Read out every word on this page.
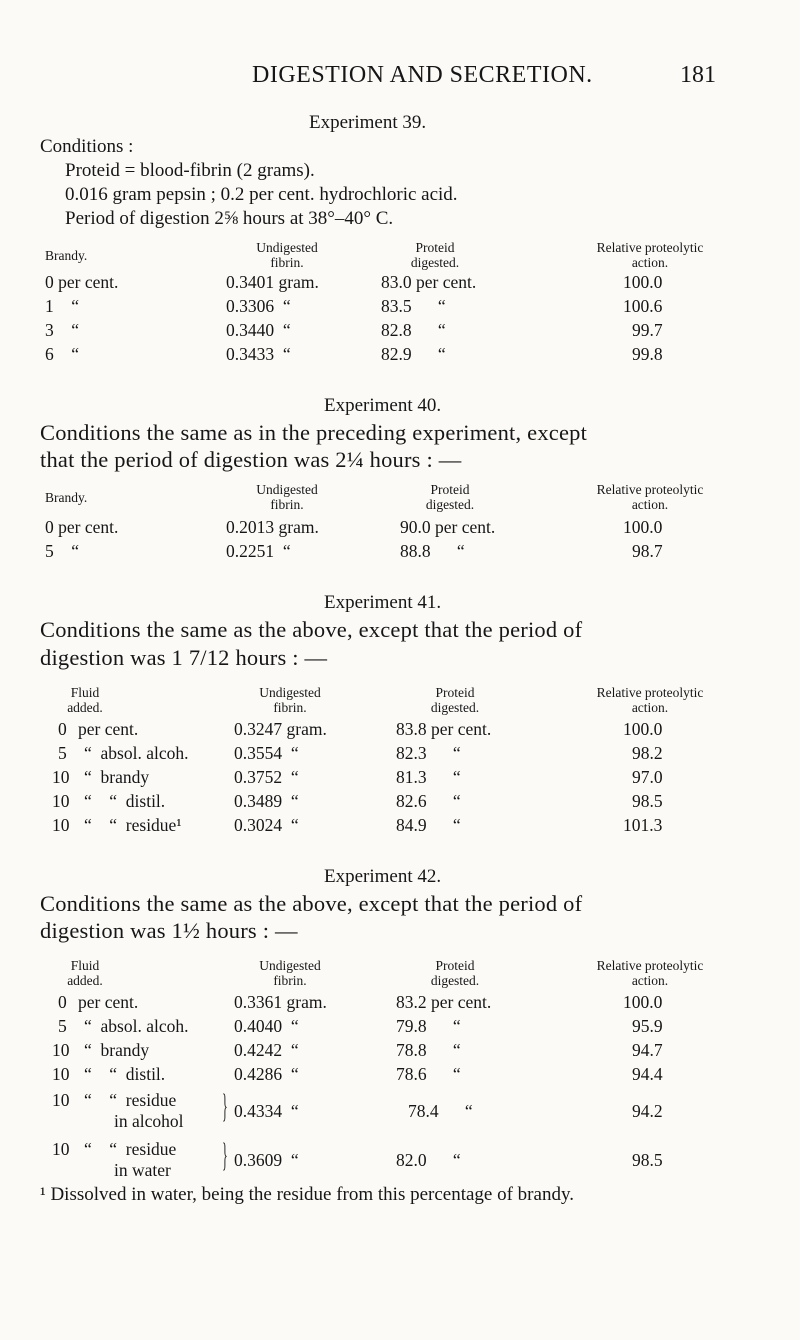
DIGESTION AND SECRETION.

	181

Experiment 39.
Conditions :
Proteid = blood-fibrin (2 grams).
0.016 gram pepsin ; 0.2 per cent. hydrochloric acid.
Period of digestion 2⅝ hours at 38°–40° C.
Brandy.
Undigested
fibrin.
Proteid
digested.
Relative proteolytic
action.
0 per cent.	0.3401 gram.	83.0 per cent.	100.0
1    “	0.3306  “	83.5      “	100.6
3    “	0.3440  “	82.8      “	99.7
6    “	0.3433  “	82.9      “	99.8
Experiment 40.
Conditions the same as in the preceding experiment, except
that the period of digestion was 2¼ hours : —
Brandy.
Undigested
fibrin.
Proteid
digested.
Relative proteolytic
action.
0 per cent.	0.2013 gram.	90.0 per cent.	100.0
5    “	0.2251  “	88.8      “	98.7
Experiment 41.
Conditions the same as the above, except that the period of
digestion was 1 7/12 hours : —
Fluid
added.
Undigested
fibrin.
Proteid
digested.
Relative proteolytic
action.
0 per cent.	0.3247 gram.	83.8 per cent.	100.0
5 “  absol. alcoh.	0.3554  “	82.3      “	98.2
10 “  brandy	0.3752  “	81.3      “	97.0
10 “    “  distil.	0.3489  “	82.6      “	98.5
10 “    “  residue¹	0.3024  “	84.9      “	101.3
Experiment 42.
Conditions the same as the above, except that the period of
digestion was 1½ hours : —
Fluid
added.
Undigested
fibrin.
Proteid
digested.
Relative proteolytic
action.
0 per cent.	0.3361 gram.	83.2 per cent.	100.0
5 “  absol. alcoh.	0.4040  “	79.8      “	95.9
10 “  brandy	0.4242  “	78.8      “	94.7
10 “    “  distil.	0.4286  “	78.6      “	94.4
10 “    “  residue
in alcohol } 0.4334  “	78.4      “	94.2
10 “    “  residue
in water } 0.3609  “	82.0      “	98.5
¹ Dissolved in water, being the residue from this percentage of brandy.
